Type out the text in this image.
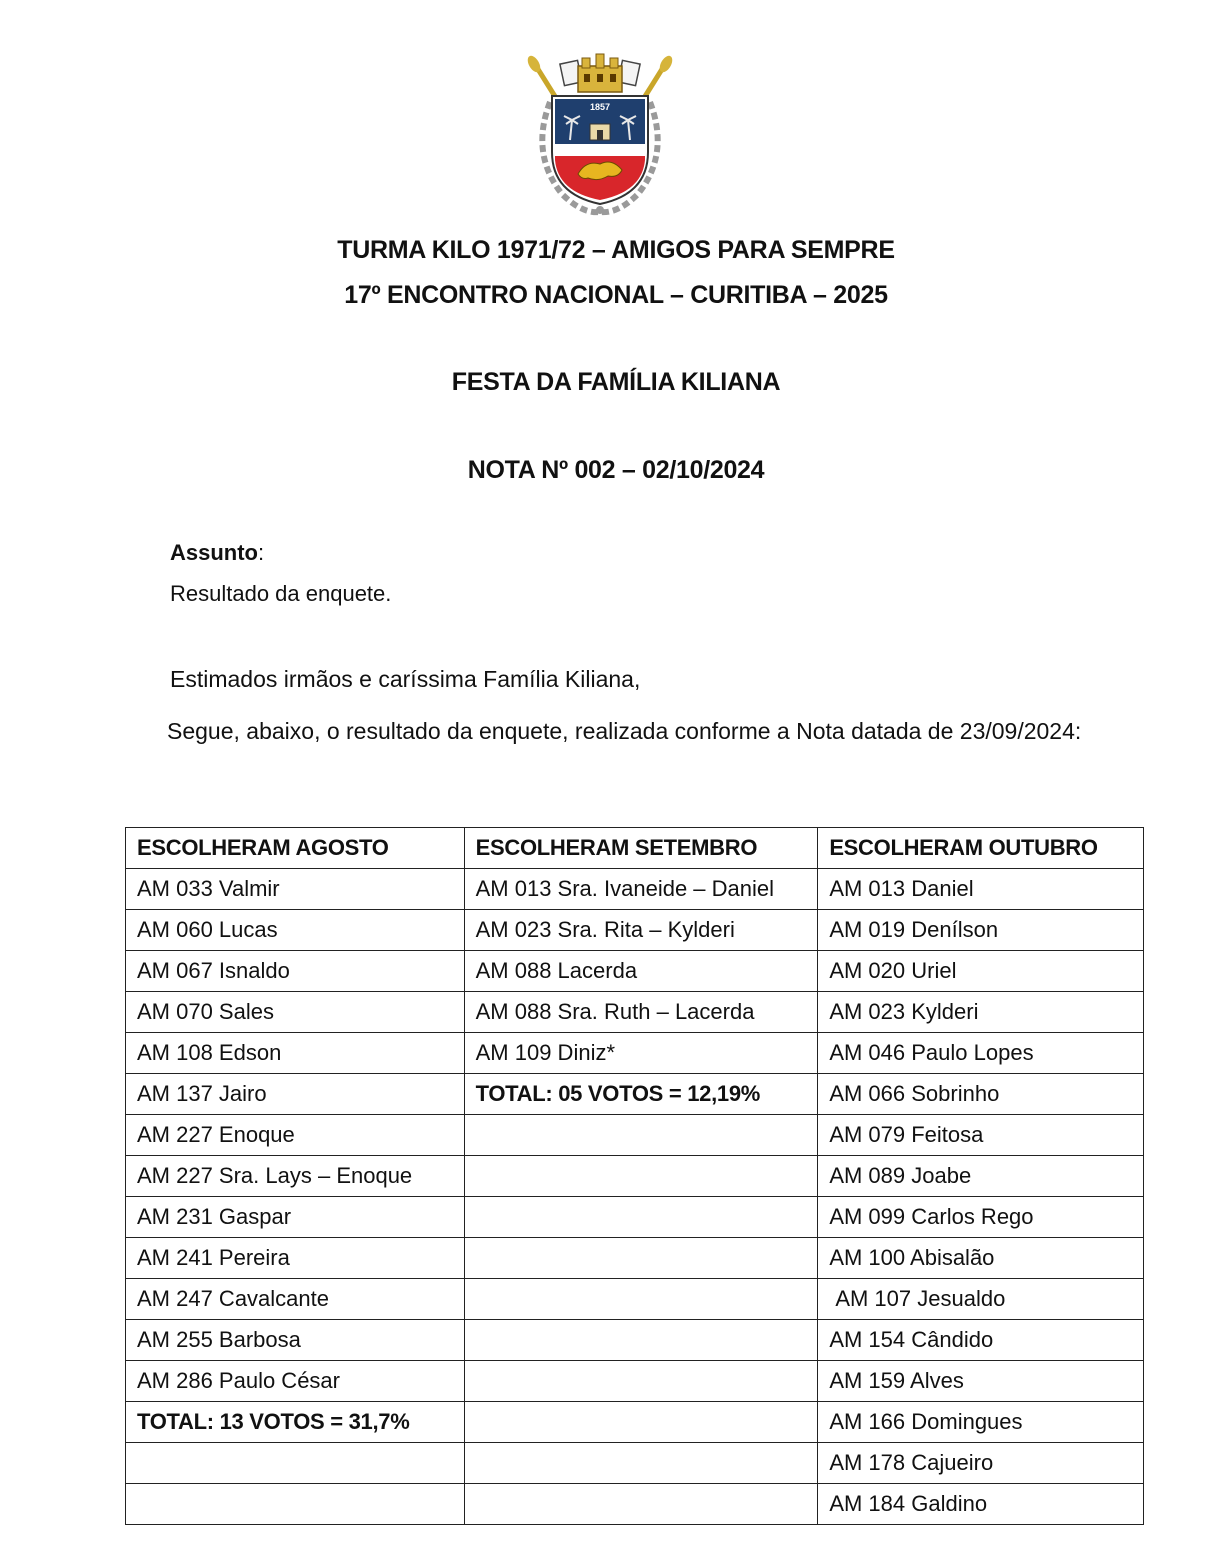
1857
TURMA KILO 1971/72 – AMIGOS PARA SEMPRE
17º ENCONTRO NACIONAL – CURITIBA – 2025
FESTA DA FAMÍLIA KILIANA
NOTA Nº 002 – 02/10/2024
Assunto:
Resultado da enquete.
Estimados irmãos e caríssima Família Kiliana,

Segue, abaixo, o resultado da enquete, realizada conforme a Nota datada de 23/09/2024:

ESCOLHERAM AGOSTO	ESCOLHERAM SETEMBRO	ESCOLHERAM OUTUBRO
AM 033 Valmir	AM 013 Sra. Ivaneide – Daniel	AM 013 Daniel
AM 060 Lucas	AM 023 Sra. Rita – Kylderi	AM 019 Denílson
AM 067 Isnaldo	AM 088 Lacerda	AM 020 Uriel
AM 070 Sales	AM 088 Sra. Ruth – Lacerda	AM 023 Kylderi
AM 108 Edson	AM 109 Diniz*	AM 046 Paulo Lopes
AM 137 Jairo	TOTAL: 05 VOTOS = 12,19%	AM 066 Sobrinho
AM 227 Enoque		AM 079 Feitosa
AM 227 Sra. Lays – Enoque		AM 089 Joabe
AM 231 Gaspar		AM 099 Carlos Rego
AM 241 Pereira		AM 100 Abisalão
AM 247 Cavalcante		AM 107 Jesualdo
AM 255 Barbosa		AM 154 Cândido
AM 286 Paulo César		AM 159 Alves
TOTAL: 13 VOTOS = 31,7%		AM 166 Domingues
		AM 178 Cajueiro
		AM 184 Galdino
